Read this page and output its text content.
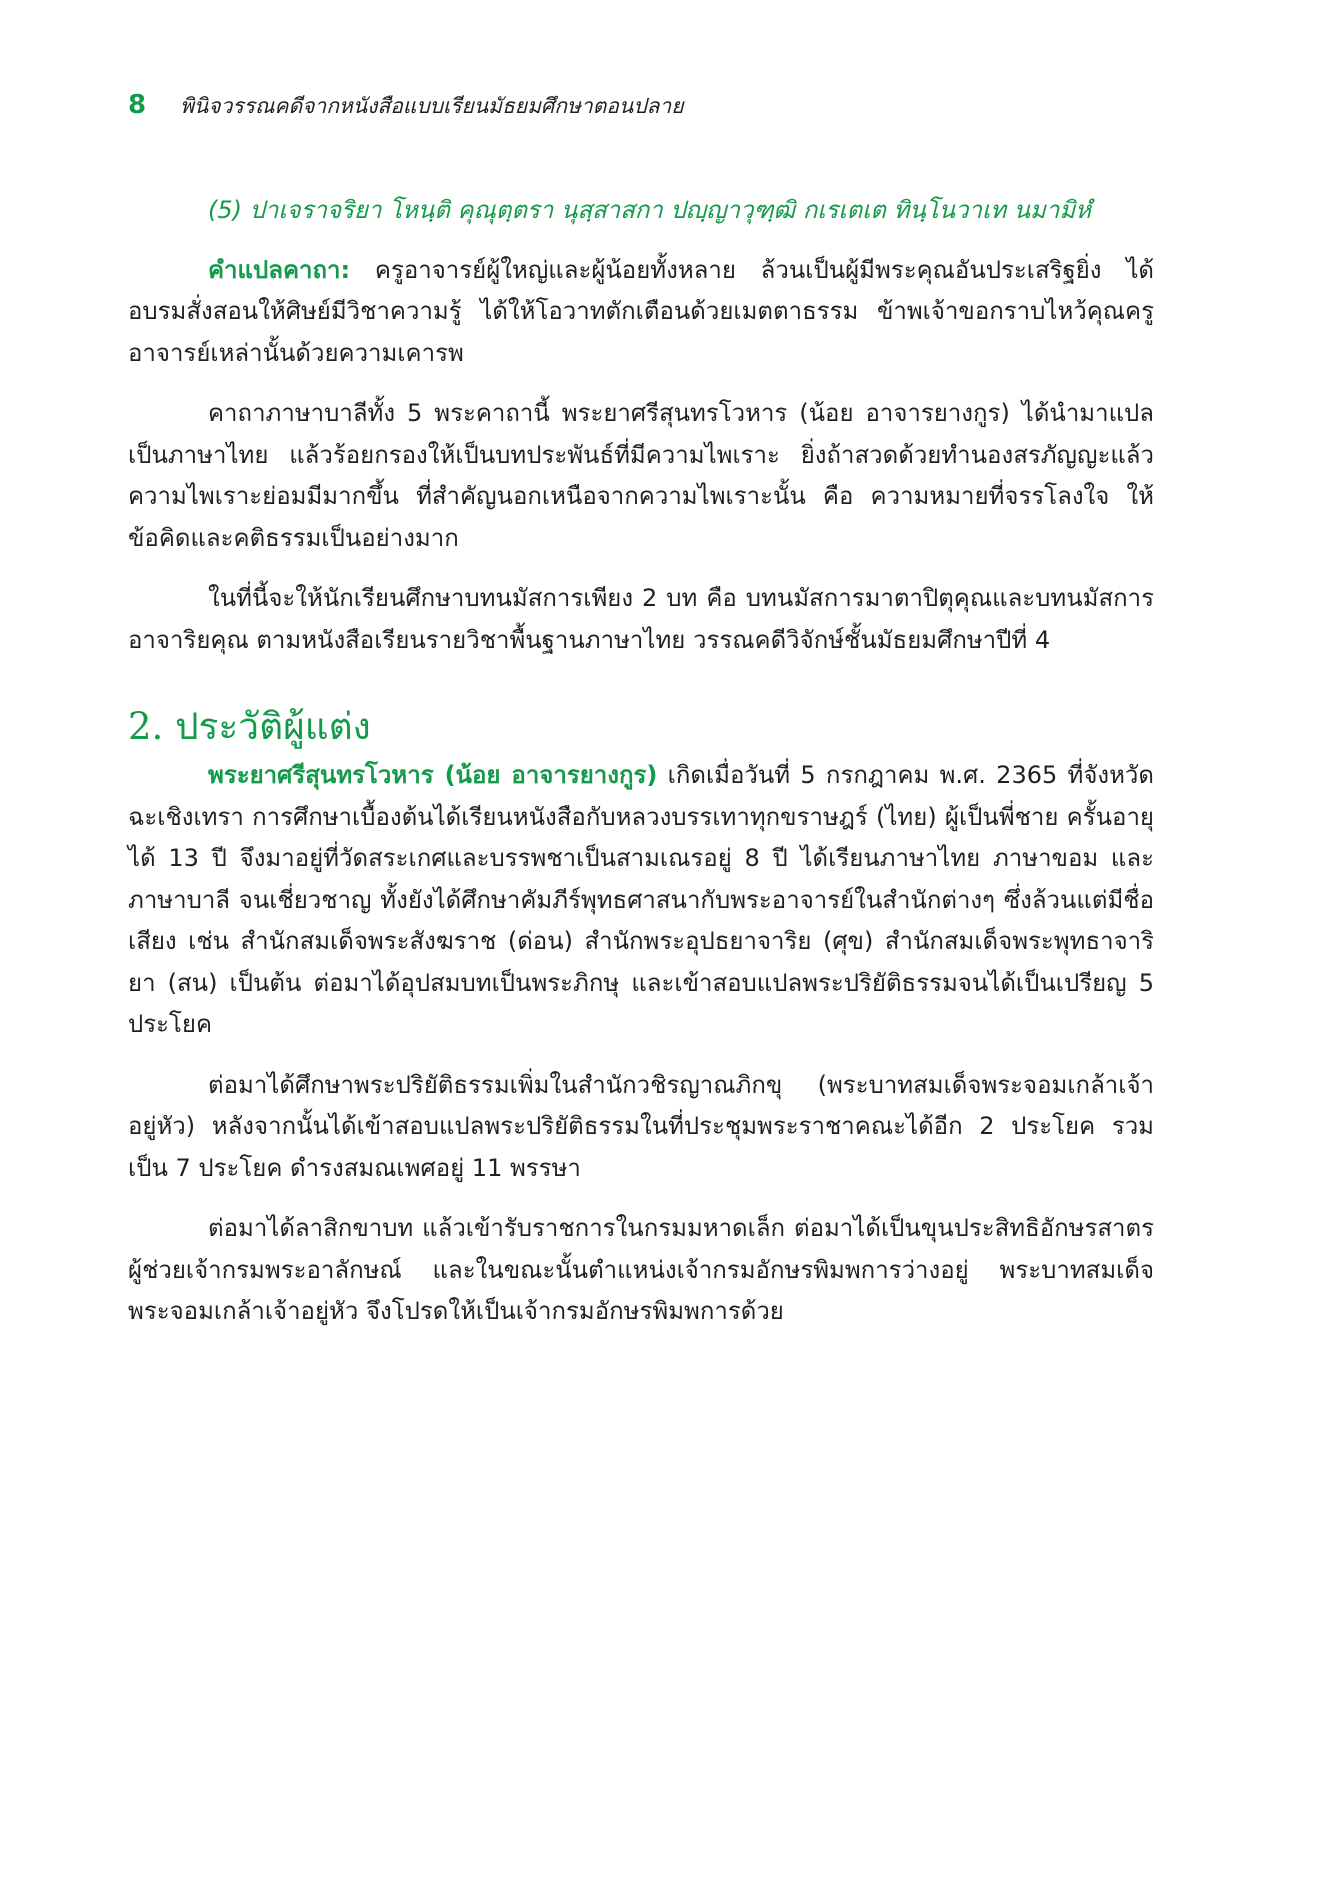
8 พินิจวรรณคดีจากหนังสือแบบเรียนมัธยมศึกษาตอนปลาย

(5) ปาเจราจริยา โหนฺติ คุณุตฺตรา นุสฺสาสกา ปญฺญาวุฑฺฒิ กเรเตเต ทินฺโนวาเท นมามิหํ

คำแปลคาถา: ครูอาจารย์ผู้ใหญ่และผู้น้อยทั้งหลาย ล้วนเป็นผู้มีพระคุณอันประเสริฐยิ่ง ได้อบรมสั่งสอนให้ศิษย์มีวิชาความรู้ ได้ให้โอวาทตักเตือนด้วยเมตตาธรรม ข้าพเจ้าขอกราบไหว้คุณครูอาจารย์เหล่านั้นด้วยความเคารพ

คาถาภาษาบาลีทั้ง 5 พระคาถานี้ พระยาศรีสุนทรโวหาร (น้อย อาจารยางกูร) ได้นำมาแปลเป็นภาษาไทย แล้วร้อยกรองให้เป็นบทประพันธ์ที่มีความไพเราะ ยิ่งถ้าสวดด้วยทำนองสรภัญญะแล้ว ความไพเราะย่อมมีมากขึ้น ที่สำคัญนอกเหนือจากความไพเราะนั้น คือ ความหมายที่จรรโลงใจ ให้ข้อคิดและคติธรรมเป็นอย่างมาก

ในที่นี้จะให้นักเรียนศึกษาบทนมัสการเพียง 2 บท คือ บทนมัสการมาตาปิตุคุณและบทนมัสการอาจาริยคุณ ตามหนังสือเรียนรายวิชาพื้นฐานภาษาไทย วรรณคดีวิจักษ์ชั้นมัธยมศึกษาปีที่ 4

2. ประวัติผู้แต่ง

พระยาศรีสุนทรโวหาร (น้อย อาจารยางกูร) เกิดเมื่อวันที่ 5 กรกฎาคม พ.ศ. 2365 ที่จังหวัดฉะเชิงเทรา การศึกษาเบื้องต้นได้เรียนหนังสือกับหลวงบรรเทาทุกขราษฎร์ (ไทย) ผู้เป็นพี่ชาย ครั้นอายุได้ 13 ปี จึงมาอยู่ที่วัดสระเกศและบรรพชาเป็นสามเณรอยู่ 8 ปี ได้เรียนภาษาไทย ภาษาขอม และภาษาบาลี จนเชี่ยวชาญ ทั้งยังได้ศึกษาคัมภีร์พุทธศาสนากับพระอาจารย์ในสำนักต่างๆ ซึ่งล้วนแต่มีชื่อเสียง เช่น สำนักสมเด็จพระสังฆราช (ด่อน) สำนักพระอุปธยาจาริย (ศุข) สำนักสมเด็จพระพุทธาจาริยา (สน) เป็นต้น ต่อมาได้อุปสมบทเป็นพระภิกษุ และเข้าสอบแปลพระปริยัติธรรมจนได้เป็นเปรียญ 5 ประโยค

ต่อมาได้ศึกษาพระปริยัติธรรมเพิ่มในสำนักวชิรญาณภิกขุ (พระบาทสมเด็จพระจอมเกล้าเจ้าอยู่หัว) หลังจากนั้นได้เข้าสอบแปลพระปริยัติธรรมในที่ประชุมพระราชาคณะได้อีก 2 ประโยค รวมเป็น 7 ประโยค ดำรงสมณเพศอยู่ 11 พรรษา

ต่อมาได้ลาสิกขาบท แล้วเข้ารับราชการในกรมมหาดเล็ก ต่อมาได้เป็นขุนประสิทธิอักษรสาตร ผู้ช่วยเจ้ากรมพระอาลักษณ์ และในขณะนั้นตำแหน่งเจ้ากรมอักษรพิมพการว่างอยู่ พระบาทสมเด็จพระจอมเกล้าเจ้าอยู่หัว จึงโปรดให้เป็นเจ้ากรมอักษรพิมพการด้วย
